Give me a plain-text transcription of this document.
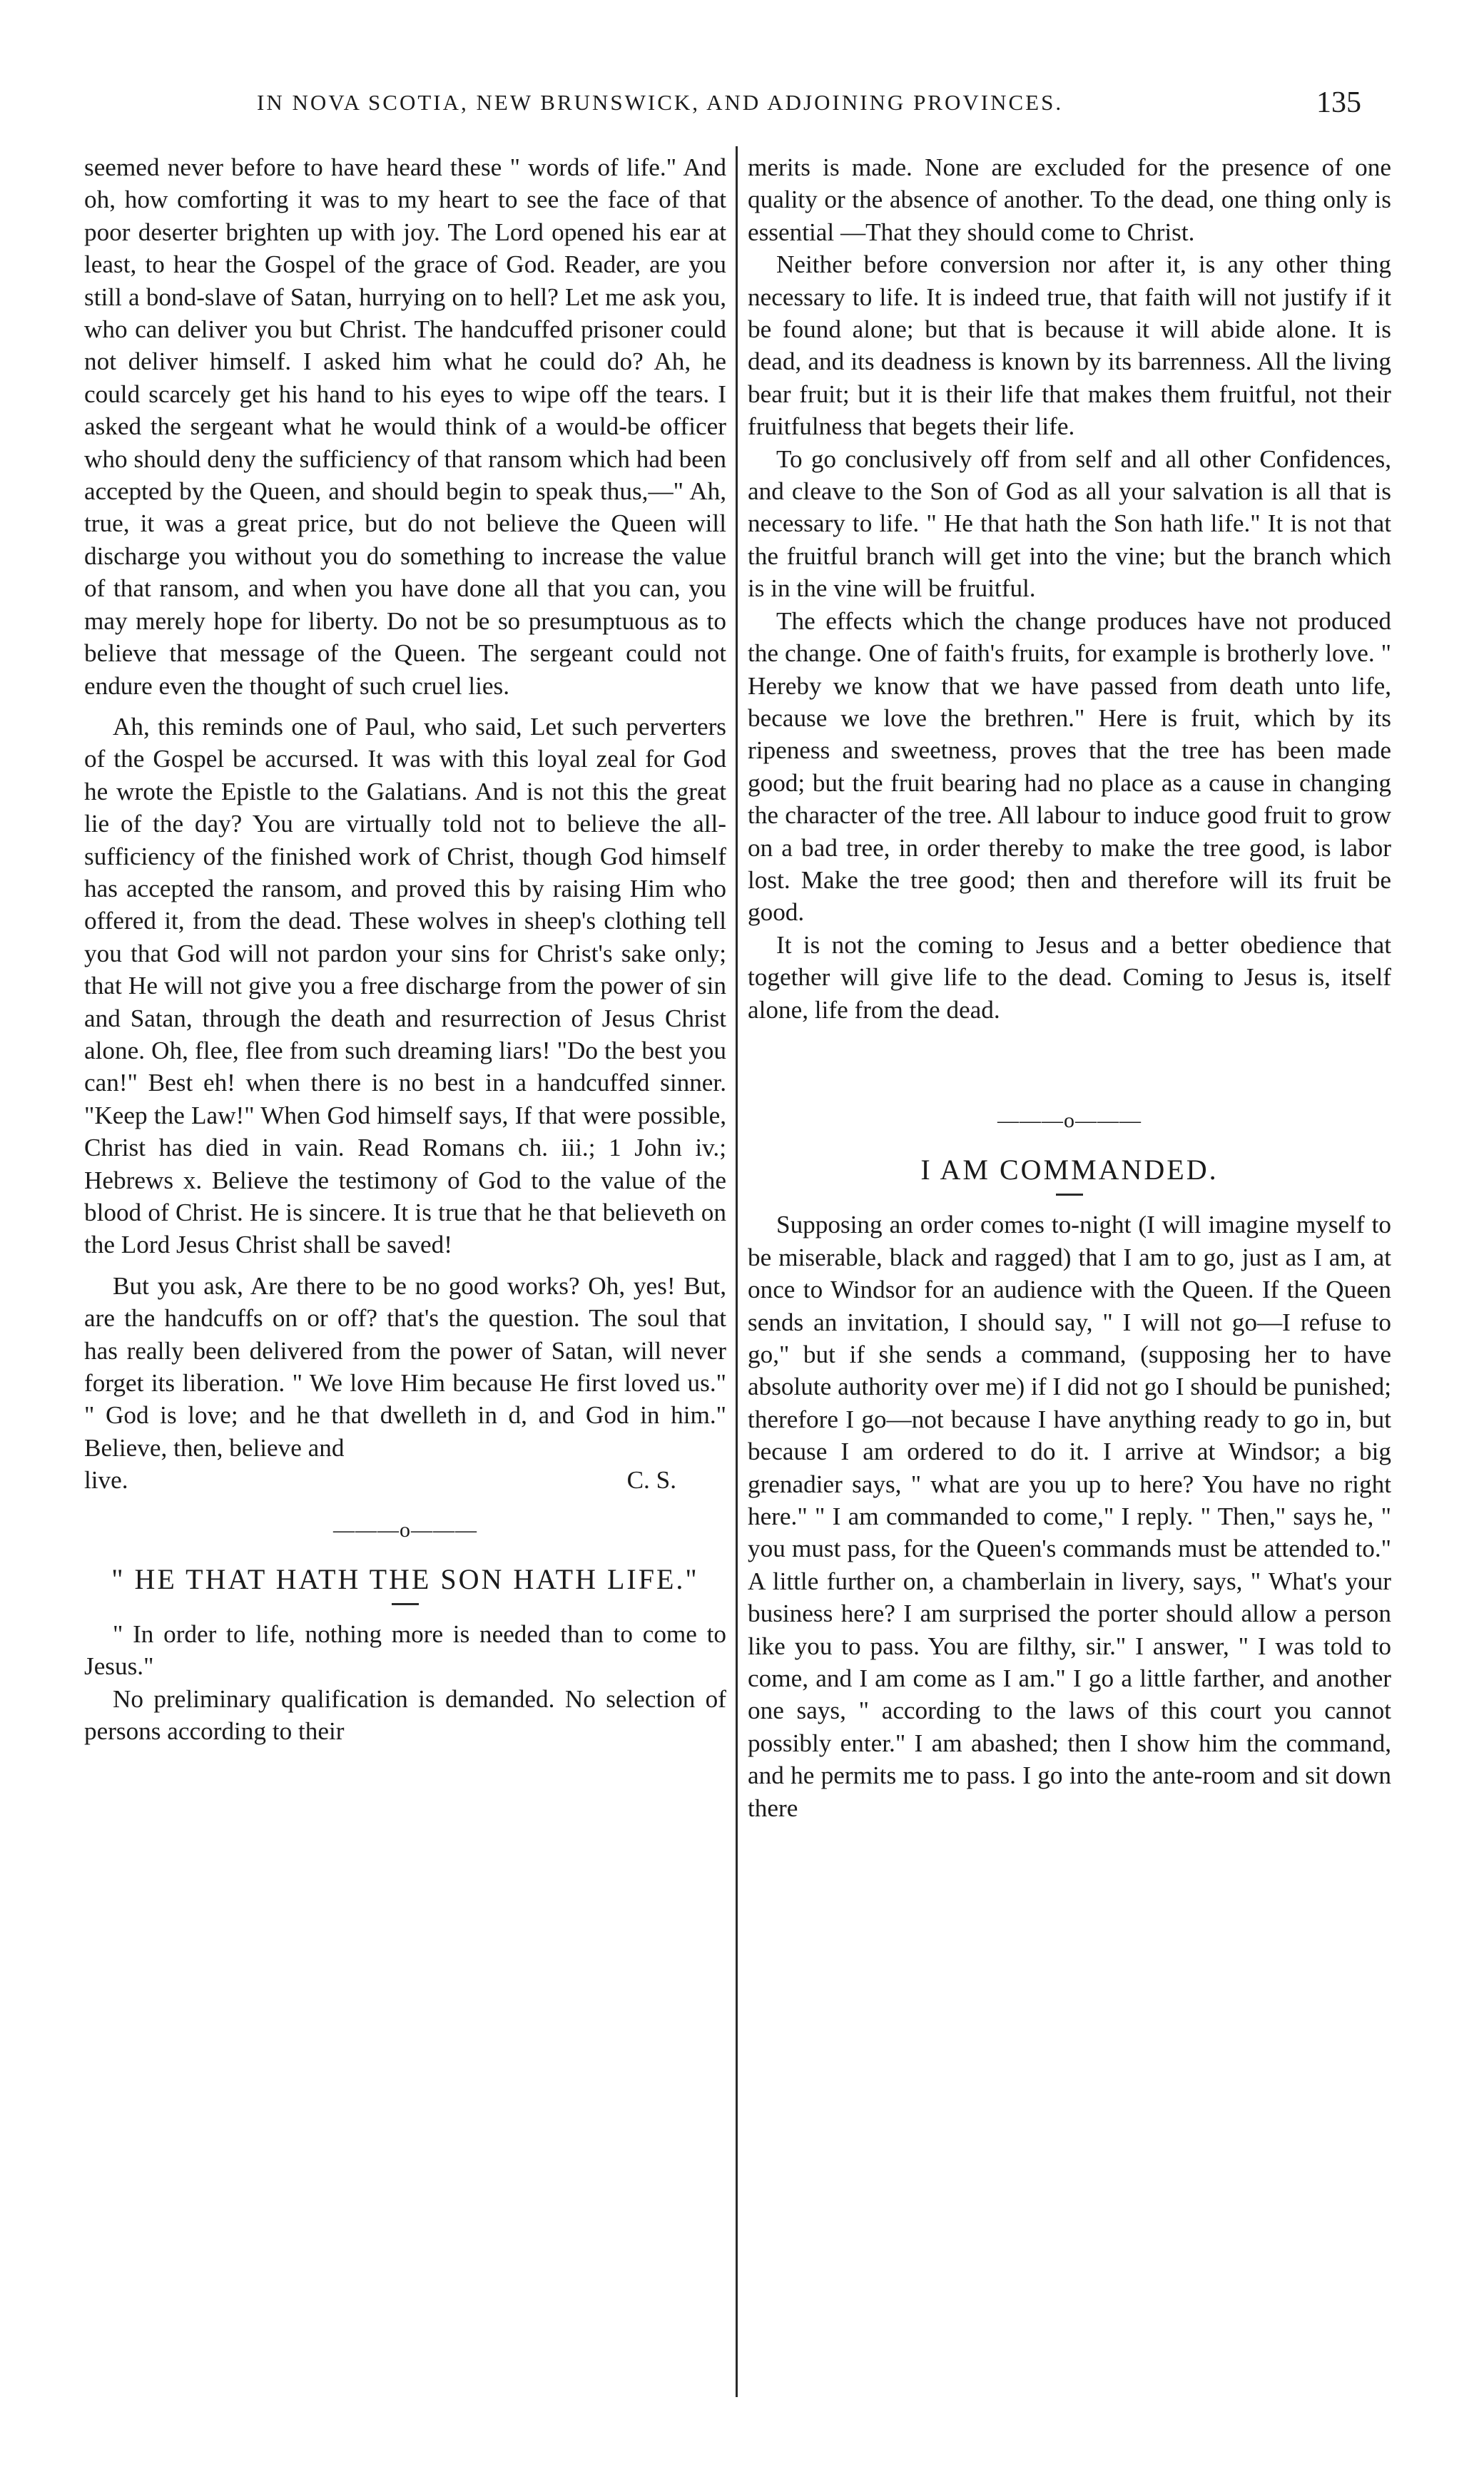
IN NOVA SCOTIA, NEW BRUNSWICK, AND ADJOINING PROVINCES.	135

seemed never before to have heard these " words of life." And oh, how comforting it was to my heart to see the face of that poor deserter brighten up with joy. The Lord opened his ear at least, to hear the Gospel of the grace of God. Reader, are you still a bond-slave of Satan, hurrying on to hell? Let me ask you, who can deliver you but Christ. The handcuffed prisoner could not deliver himself. I asked him what he could do? Ah, he could scarcely get his hand to his eyes to wipe off the tears. I asked the sergeant what he would think of a would-be officer who should deny the sufficiency of that ransom which had been accepted by the Queen, and should begin to speak thus,—" Ah, true, it was a great price, but do not believe the Queen will discharge you without you do something to increase the value of that ransom, and when you have done all that you can, you may merely hope for liberty. Do not be so presumptuous as to believe that message of the Queen. The sergeant could not endure even the thought of such cruel lies.

Ah, this reminds one of Paul, who said, Let such perverters of the Gospel be accursed. It was with this loyal zeal for God he wrote the Epistle to the Galatians. And is not this the great lie of the day? You are virtually told not to believe the all-sufficiency of the finished work of Christ, though God himself has accepted the ransom, and proved this by raising Him who offered it, from the dead. These wolves in sheep's clothing tell you that God will not pardon your sins for Christ's sake only; that He will not give you a free discharge from the power of sin and Satan, through the death and resurrection of Jesus Christ alone. Oh, flee, flee from such dreaming liars! "Do the best you can!" Best eh! when there is no best in a handcuffed sinner. "Keep the Law!" When God himself says, If that were possible, Christ has died in vain. Read Romans ch. iii.; 1 John iv.; Hebrews x. Believe the testimony of God to the value of the blood of Christ. He is sincere. It is true that he that believeth on the Lord Jesus Christ shall be saved!

But you ask, Are there to be no good works? Oh, yes! But, are the handcuffs on or off? that's the question. The soul that has really been delivered from the power of Satan, will never forget its liberation. " We love Him because He first loved us." " God is love; and he that dwelleth in d, and God in him." Believe, then, believe and

live.	C. S.
———o———
" HE THAT HATH THE SON HATH LIFE."

" In order to life, nothing more is needed than to come to Jesus."

No preliminary qualification is demanded. No selection of persons according to their

merits is made. None are excluded for the presence of one quality or the absence of another. To the dead, one thing only is essential —That they should come to Christ.

Neither before conversion nor after it, is any other thing necessary to life. It is indeed true, that faith will not justify if it be found alone; but that is because it will abide alone. It is dead, and its deadness is known by its barrenness. All the living bear fruit; but it is their life that makes them fruitful, not their fruitfulness that begets their life.

To go conclusively off from self and all other Confidences, and cleave to the Son of God as all your salvation is all that is necessary to life. " He that hath the Son hath life." It is not that the fruitful branch will get into the vine; but the branch which is in the vine will be fruitful.

The effects which the change produces have not produced the change. One of faith's fruits, for example is brotherly love. " Hereby we know that we have passed from death unto life, because we love the brethren." Here is fruit, which by its ripeness and sweetness, proves that the tree has been made good; but the fruit bearing had no place as a cause in changing the character of the tree. All labour to induce good fruit to grow on a bad tree, in order thereby to make the tree good, is labor lost. Make the tree good; then and therefore will its fruit be good.

It is not the coming to Jesus and a better obedience that together will give life to the dead. Coming to Jesus is, itself alone, life from the dead.

———o———
I AM COMMANDED.

Supposing an order comes to-night (I will imagine myself to be miserable, black and ragged) that I am to go, just as I am, at once to Windsor for an audience with the Queen. If the Queen sends an invitation, I should say, " I will not go—I refuse to go," but if she sends a command, (supposing her to have absolute authority over me) if I did not go I should be punished; therefore I go—not because I have anything ready to go in, but because I am ordered to do it. I arrive at Windsor; a big grenadier says, " what are you up to here? You have no right here." " I am commanded to come," I reply. " Then," says he, " you must pass, for the Queen's commands must be attended to." A little further on, a chamberlain in livery, says, " What's your business here? I am surprised the porter should allow a person like you to pass. You are filthy, sir." I answer, " I was told to come, and I am come as I am." I go a little farther, and another one says, " according to the laws of this court you cannot possibly enter." I am abashed; then I show him the command, and he permits me to pass. I go into the ante-room and sit down there
